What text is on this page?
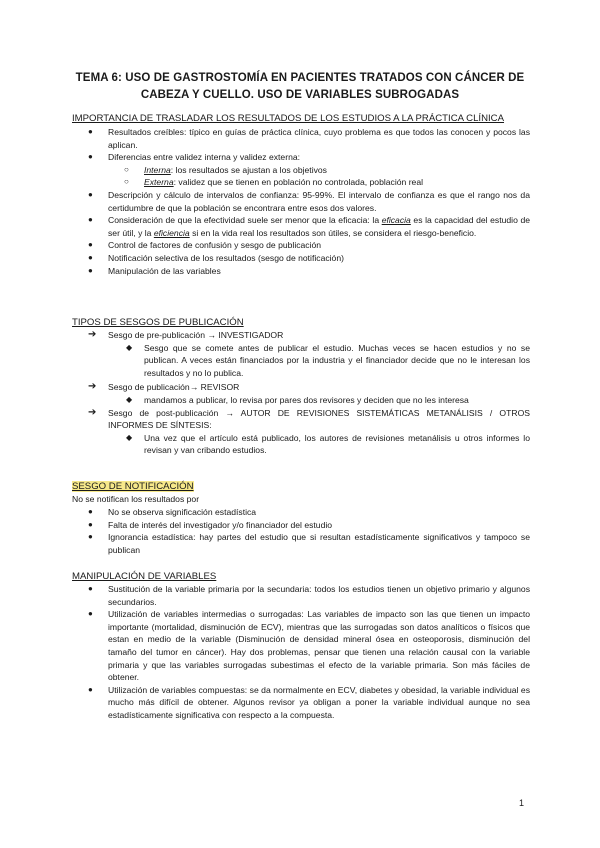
TEMA 6: USO DE GASTROSTOMÍA EN PACIENTES TRATADOS CON CÁNCER DE
CABEZA Y CUELLO. USO DE VARIABLES SUBROGADAS
IMPORTANCIA DE TRASLADAR LOS RESULTADOS DE LOS ESTUDIOS A LA PRÁCTICA CLÍNICA
● Resultados creíbles: típico en guías de práctica clínica, cuyo problema es que todos las conocen y pocos las aplican.
● Diferencias entre validez interna y validez externa:
○ Interna: los resultados se ajustan a los objetivos
○ Externa: validez que se tienen en población no controlada, población real
● Descripción y cálculo de intervalos de confianza: 95-99%. El intervalo de confianza es que el rango nos da certidumbre de que la población se encontrara entre esos dos valores.
● Consideración de que la efectividad suele ser menor que la eficacia: la eficacia es la capacidad del estudio de ser útil, y la eficiencia si en la vida real los resultados son útiles, se considera el riesgo-beneficio.
● Control de factores de confusión y sesgo de publicación
● Notificación selectiva de los resultados (sesgo de notificación)
● Manipulación de las variables
TIPOS DE SESGOS DE PUBLICACIÓN
➔ Sesgo de pre-publicación → INVESTIGADOR
◆ Sesgo que se comete antes de publicar el estudio. Muchas veces se hacen estudios y no se publican. A veces están financiados por la industria y el financiador decide que no le interesan los resultados y no lo publica.
➔ Sesgo de publicación→ REVISOR
◆ mandamos a publicar, lo revisa por pares dos revisores y deciden que no les interesa
➔ Sesgo de post-publicación → AUTOR DE REVISIONES SISTEMÁTICAS METANÁLISIS / OTROS INFORMES DE SÍNTESIS:
◆ Una vez que el artículo está publicado, los autores de revisiones metanálisis u otros informes lo revisan y van cribando estudios.
SESGO DE NOTIFICACIÓN
No se notifican los resultados por
● No se observa significación estadística
● Falta de interés del investigador y/o financiador del estudio
● Ignorancia estadística: hay partes del estudio que si resultan estadísticamente significativos y tampoco se publican
MANIPULACIÓN DE VARIABLES
● Sustitución de la variable primaria por la secundaria: todos los estudios tienen un objetivo primario y algunos secundarios.
● Utilización de variables intermedias o surrogadas: Las variables de impacto son las que tienen un impacto importante (mortalidad, disminución de ECV), mientras que las surrogadas son datos analíticos o físicos que estan en medio de la variable (Disminución de densidad mineral ósea en osteoporosis, disminución del tamaño del tumor en cáncer). Hay dos problemas, pensar que tienen una relación causal con la variable primaria y que las variables surrogadas subestimas el efecto de la variable primaria. Son más fáciles de obtener.
● Utilización de variables compuestas: se da normalmente en ECV, diabetes y obesidad, la variable individual es mucho más difícil de obtener. Algunos revisor ya obligan a poner la variable individual aunque no sea estadísticamente significativa con respecto a la compuesta.
1
